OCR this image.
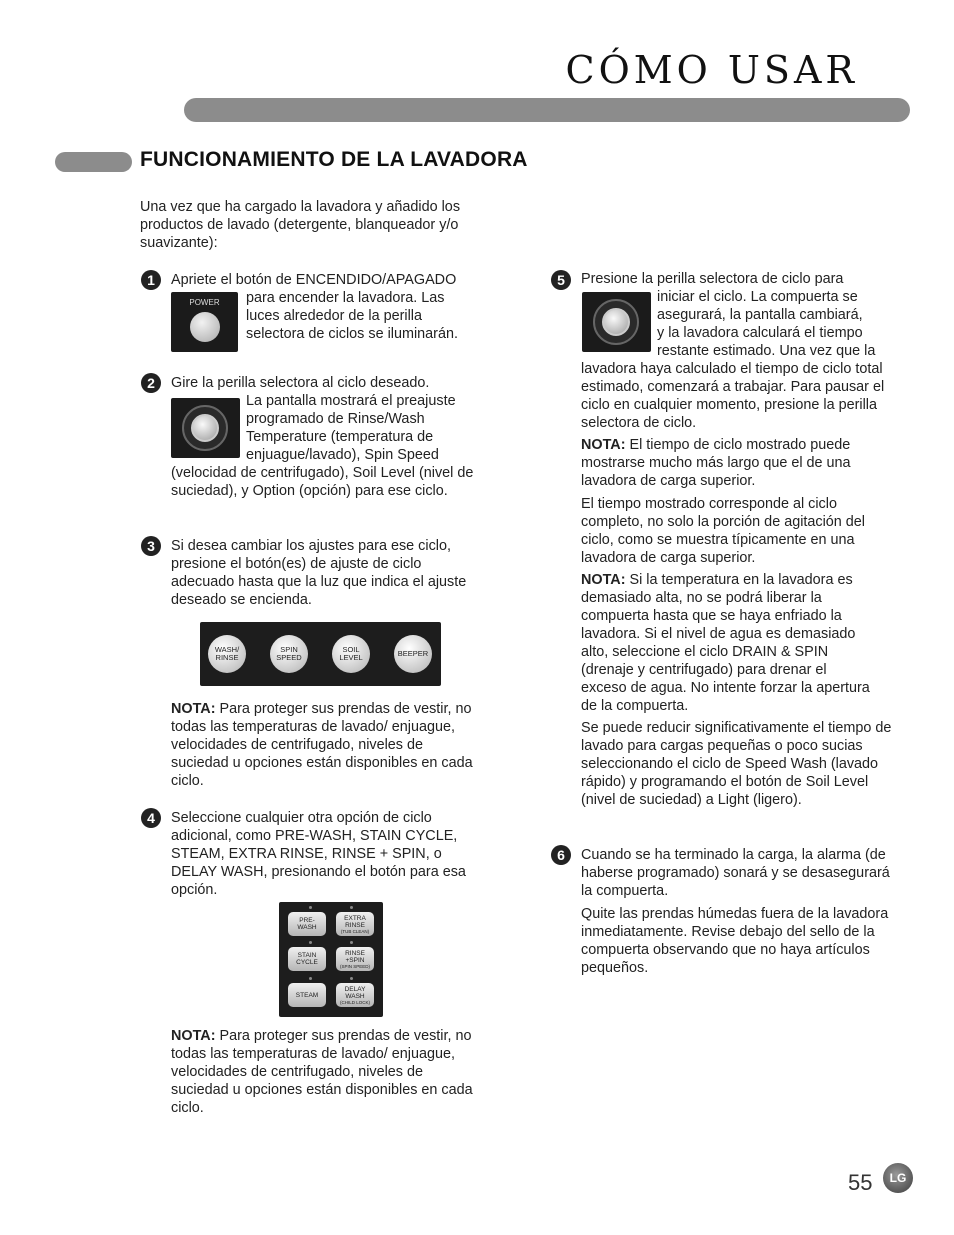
CÓMO USAR
FUNCIONAMIENTO DE LA LAVADORA
Una vez que ha cargado la lavadora y añadido los productos de lavado (detergente, blanqueador y/o suavizante):
1	Apriete el botón de ENCENDIDO/APAGADO
para encender la lavadora. Las
luces alrededor de la perilla
selectora de ciclos se iluminarán.
POWER
2	Gire la perilla selectora al ciclo deseado.
La pantalla mostrará el preajuste
programado de Rinse/Wash
Temperature (temperatura de
enjuague/lavado), Spin Speed
(velocidad de centrifugado), Soil Level (nivel de suciedad), y Option (opción) para ese ciclo.
3	Si desea cambiar los ajustes para ese ciclo, presione el botón(es) de ajuste de ciclo adecuado hasta que la luz que indica el ajuste deseado se encienda.
WASH/
RINSE
SPIN
SPEED
SOIL
LEVEL	BEEPER
NOTA: Para proteger sus prendas de vestir, no todas las temperaturas de lavado/ enjuague, velocidades de centrifugado, niveles de suciedad u opciones están disponibles en cada ciclo.
4	Seleccione cualquier otra opción de ciclo adicional, como PRE-WASH, STAIN CYCLE, STEAM, EXTRA RINSE, RINSE + SPIN, o DELAY WASH, presionando el botón para esa opción.
PRE-
WASH
EXTRA
RINSE
(TUB CLEAN)
STAIN
CYCLE
RINSE
+SPIN
(SPIN SPEED)
STEAM
DELAY
WASH
(CHILD LOCK)
NOTA: Para proteger sus prendas de vestir, no todas las temperaturas de lavado/ enjuague, velocidades de centrifugado, niveles de suciedad u opciones están disponibles en cada ciclo.
5	Presione la perilla selectora de ciclo para
iniciar el ciclo. La compuerta se
asegurará, la pantalla cambiará,
y la lavadora calculará el tiempo
restante estimado. Una vez que la
lavadora haya calculado el tiempo de ciclo total estimado, comenzará a trabajar. Para pausar el ciclo en cualquier momento, presione la perilla selectora de ciclo.
NOTA: El tiempo de ciclo mostrado puede mostrarse mucho más largo que el de una lavadora de carga superior.
El tiempo mostrado corresponde al ciclo completo, no solo la porción de agitación del ciclo, como se muestra típicamente en una lavadora de carga superior.
NOTA: Si la temperatura en la lavadora es demasiado alta, no se podrá liberar la compuerta hasta que se haya enfriado la lavadora. Si el nivel de agua es demasiado alto, seleccione el ciclo DRAIN & SPIN (drenaje y centrifugado) para drenar el exceso de agua. No intente forzar la apertura de la compuerta.
Se puede reducir significativamente el tiempo de lavado para cargas pequeñas o poco sucias seleccionando el ciclo de Speed Wash (lavado rápido) y programando el botón de Soil Level (nivel de suciedad) a Light (ligero).
6	Cuando se ha terminado la carga, la alarma (de haberse programado) sonará y se desasegurará la compuerta.
Quite las prendas húmedas fuera de la lavadora inmediatamente. Revise debajo del sello de la compuerta observando que no haya artículos pequeños.
55	LG
